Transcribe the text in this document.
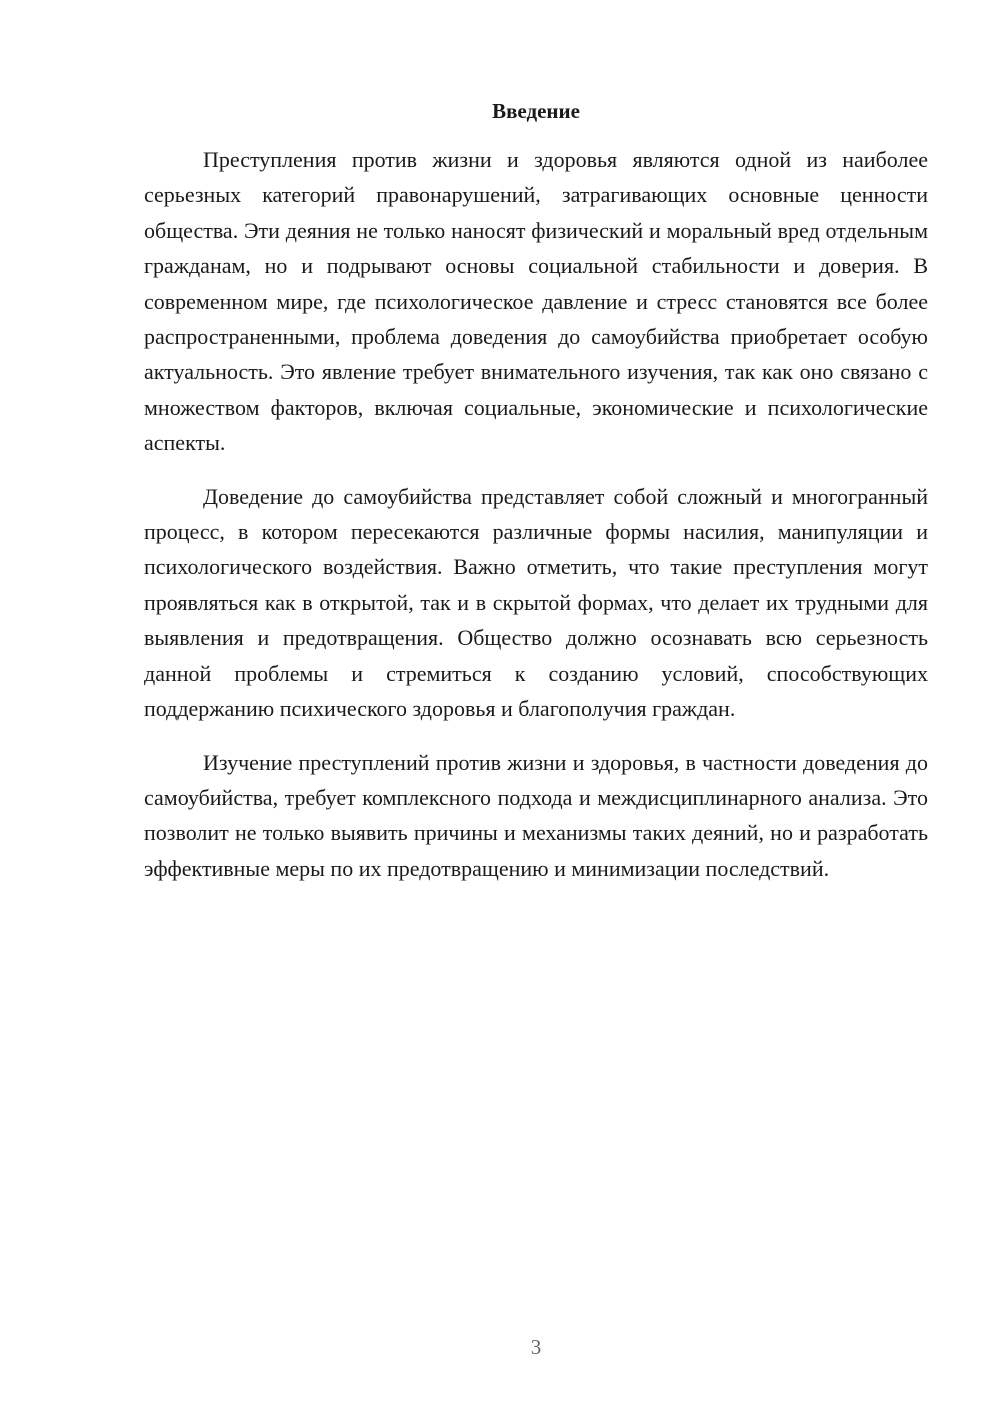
Введение

Преступления против жизни и здоровья являются одной из наиболее серьезных категорий правонарушений, затрагивающих основные ценности общества. Эти деяния не только наносят физический и моральный вред отдельным гражданам, но и подрывают основы социальной стабильности и доверия. В современном мире, где психологическое давление и стресс становятся все более распространенными, проблема доведения до самоубийства приобретает особую актуальность. Это явление требует внимательного изучения, так как оно связано с множеством факторов, включая социальные, экономические и психологические аспекты.

Доведение до самоубийства представляет собой сложный и многогранный процесс, в котором пересекаются различные формы насилия, манипуляции и психологического воздействия. Важно отметить, что такие преступления могут проявляться как в открытой, так и в скрытой формах, что делает их трудными для выявления и предотвращения. Общество должно осознавать всю серьезность данной проблемы и стремиться к созданию условий, способствующих поддержанию психического здоровья и благополучия граждан.

Изучение преступлений против жизни и здоровья, в частности доведения до самоубийства, требует комплексного подхода и междисциплинарного анализа. Это позволит не только выявить причины и механизмы таких деяний, но и разработать эффективные меры по их предотвращению и минимизации последствий.

3
